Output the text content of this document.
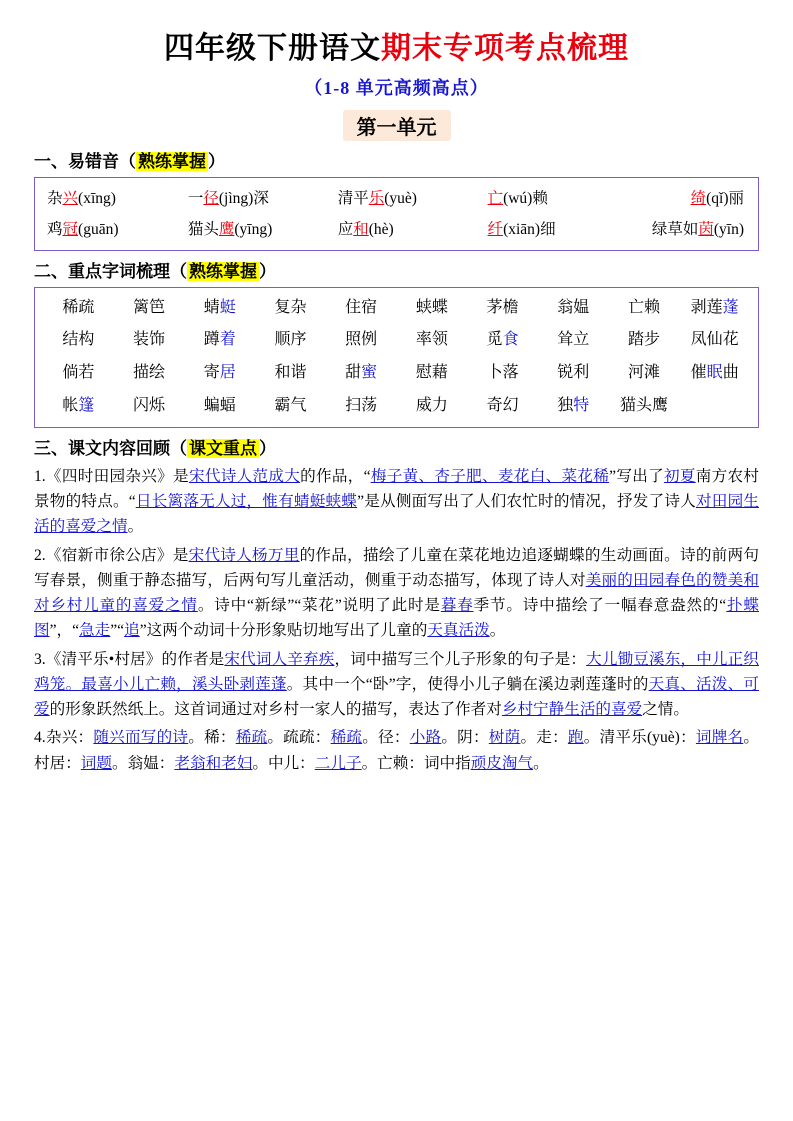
四年级下册语文期末专项考点梳理
（1-8 单元高频高点）
第一单元
一、易错音（ 熟练掌握 ）
杂兴(xīng)	一径(jìng)深	清平乐(yuè)	亡(wú)赖	绮(qǐ)丽
鸡冠(guān)	猫头鹰(yīng)	应和(hè)	纤(xiān)细	绿草如茵(yīn)
二、重点字词梳理（ 熟练掌握 ）
稀疏	篱笆	蜻蜓	复杂	住宿	蛱蝶	茅檐	翁媪	亡赖	剥莲蓬
结构	装饰	蹲着	顺序	照例	率领	觅食	耸立	踏步	凤仙花
倘若	描绘	寄居	和谐	甜蜜	慰藉	卜落	锐利	河滩	催眠曲
帐篷	闪烁	蝙蝠	霸气	扫荡	威力	奇幻	独特	猫头鹰
三、课文内容回顾（ 课文重点 ）
1.《四时田园杂兴》是宋代诗人范成大的作品，“梅子黄、杏子肥、麦花白、菜花稀”写出了初夏南方农村景物的特点。“日长篱落无人过，惟有蜻蜓蛱蝶”是从侧面写出了人们农忙时的情况，抒发了诗人对田园生活的喜爱之情。
2.《宿新市徐公店》是宋代诗人杨万里的作品，描绘了儿童在菜花地边追逐蝴蝶的生动画面。诗的前两句写春景，侧重于静态描写，后两句写儿童活动，侧重于动态描写，体现了诗人对美丽的田园春色的赞美和对乡村儿童的喜爱之情。诗中“新绿”“菜花”说明了此时是暮春季节。诗中描绘了一幅春意盎然的“扑蝶图”，“急走”“追”这两个动词十分形象贴切地写出了儿童的天真活泼。
3.《清平乐•村居》的作者是宋代词人辛弃疾，词中描写三个儿子形象的句子是：大儿锄豆溪东，中儿正织鸡笼。最喜小儿亡赖，溪头卧剥莲蓬。其中一个“卧”字，使得小儿子躺在溪边剥莲蓬时的天真、活泼、可爱的形象跃然纸上。这首词通过对乡村一家人的描写，表达了作者对乡村宁静生活的喜爱之情。
4.杂兴：随兴而写的诗。稀：稀疏。疏疏：稀疏。径：小路。阴：树荫。走：跑。清平乐(yuè)：词牌名。村居：词题。翁媪：老翁和老妇。中儿：二儿子。亡赖：词中指顽皮淘气。
